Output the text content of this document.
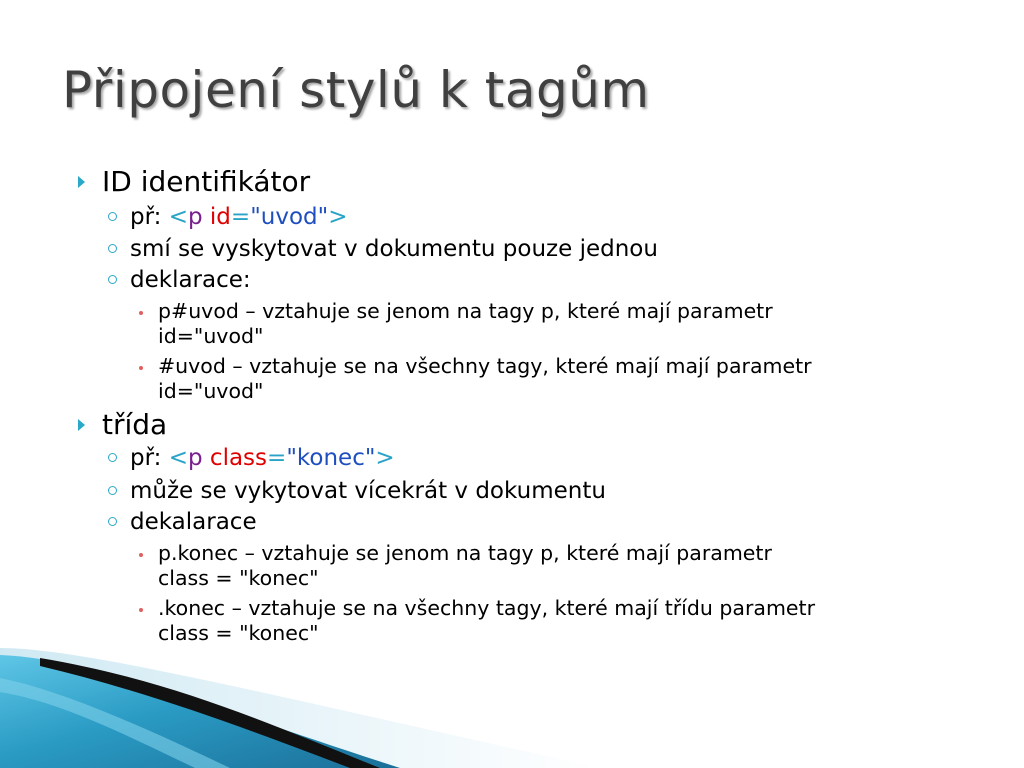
Připojení stylů k tagům
ID identifikátor
př: <p id="uvod">
smí se vyskytovat v dokumentu pouze jednou
deklarace:
p#uvod – vztahuje se jenom na tagy p, které mají parametr
id="uvod"
#uvod – vztahuje se na všechny tagy, které mají mají parametr
id="uvod"
třída
př: <p class="konec">
může se vykytovat vícekrát v dokumentu
dekalarace
p.konec – vztahuje se jenom na tagy p, které mají parametr
class = "konec"
.konec – vztahuje se na všechny tagy, které mají třídu parametr
class = "konec"
